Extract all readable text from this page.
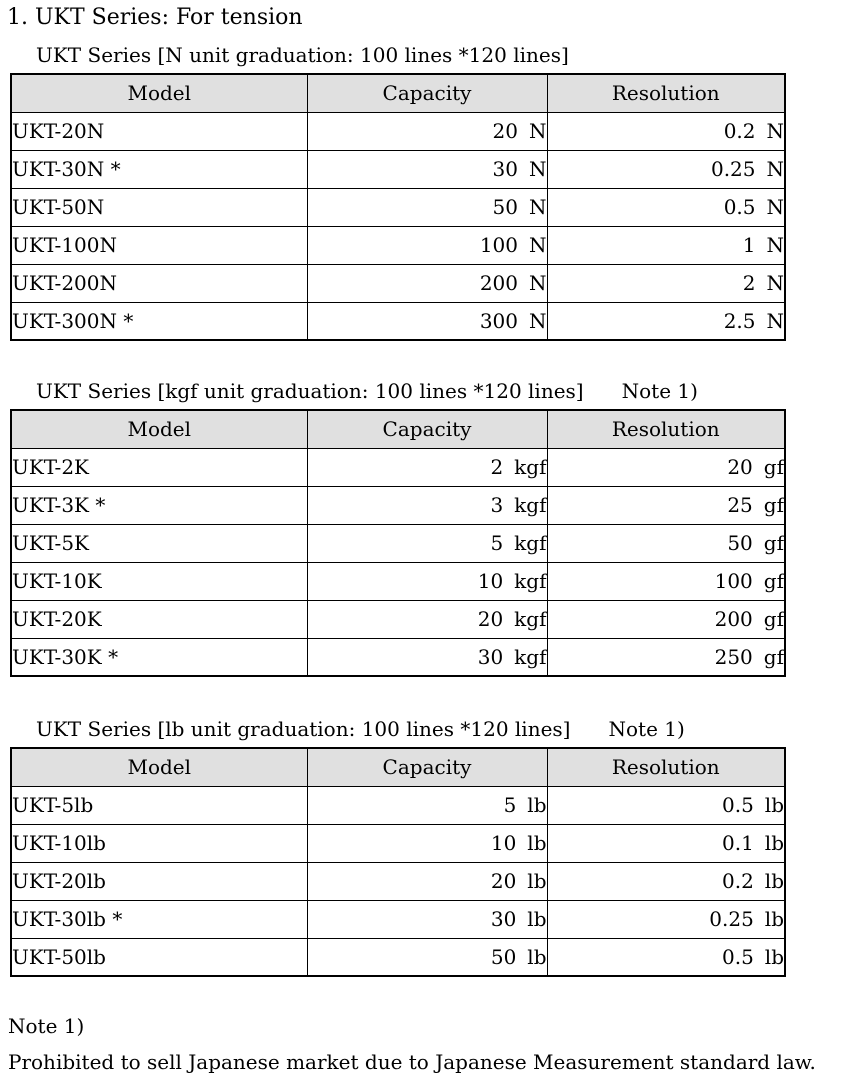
1. UKT Series: For tension
UKT Series [N unit graduation: 100 lines *120 lines]
Model	Capacity	Resolution
UKT-20N	20 N	0.2 N
UKT-30N *	30 N	0.25 N
UKT-50N	50 N	0.5 N
UKT-100N	100 N	1 N
UKT-200N	200 N	2 N
UKT-300N *	300 N	2.5 N
UKT Series [kgf unit graduation: 100 lines *120 lines] Note 1)
Model	Capacity	Resolution
UKT-2K	2 kgf	20 gf
UKT-3K *	3 kgf	25 gf
UKT-5K	5 kgf	50 gf
UKT-10K	10 kgf	100 gf
UKT-20K	20 kgf	200 gf
UKT-30K *	30 kgf	250 gf
UKT Series [lb unit graduation: 100 lines *120 lines] Note 1)
Model	Capacity	Resolution
UKT-5lb	5 lb	0.5 lb
UKT-10lb	10 lb	0.1 lb
UKT-20lb	20 lb	0.2 lb
UKT-30lb *	30 lb	0.25 lb
UKT-50lb	50 lb	0.5 lb
Note 1)
Prohibited to sell Japanese market due to Japanese Measurement standard law.
